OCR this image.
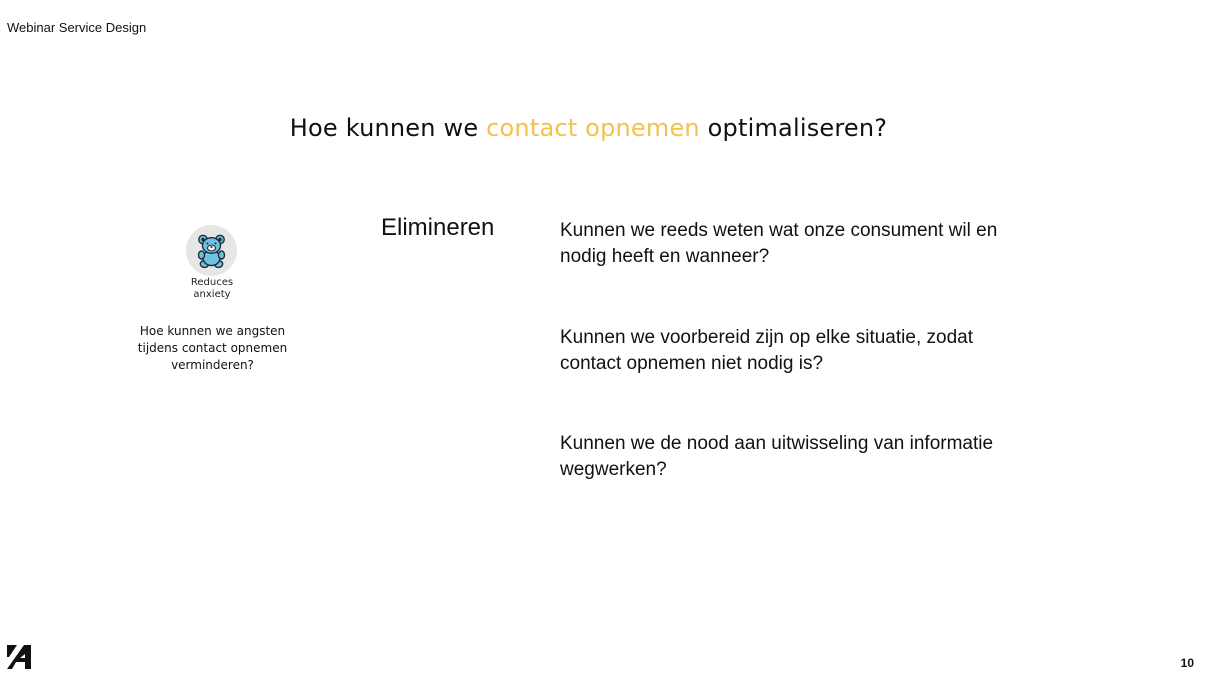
Webinar Service Design
Hoe kunnen we contact opnemen optimaliseren?
Reduces anxiety
Hoe kunnen we angsten tijdens contact opnemen verminderen?
Elimineren	Kunnen we reeds weten wat onze consument wil en nodig heeft en wanneer?
Kunnen we voorbereid zijn op elke situatie, zodat contact opnemen niet nodig is?
Kunnen we de nood aan uitwisseling van informatie wegwerken?
10
